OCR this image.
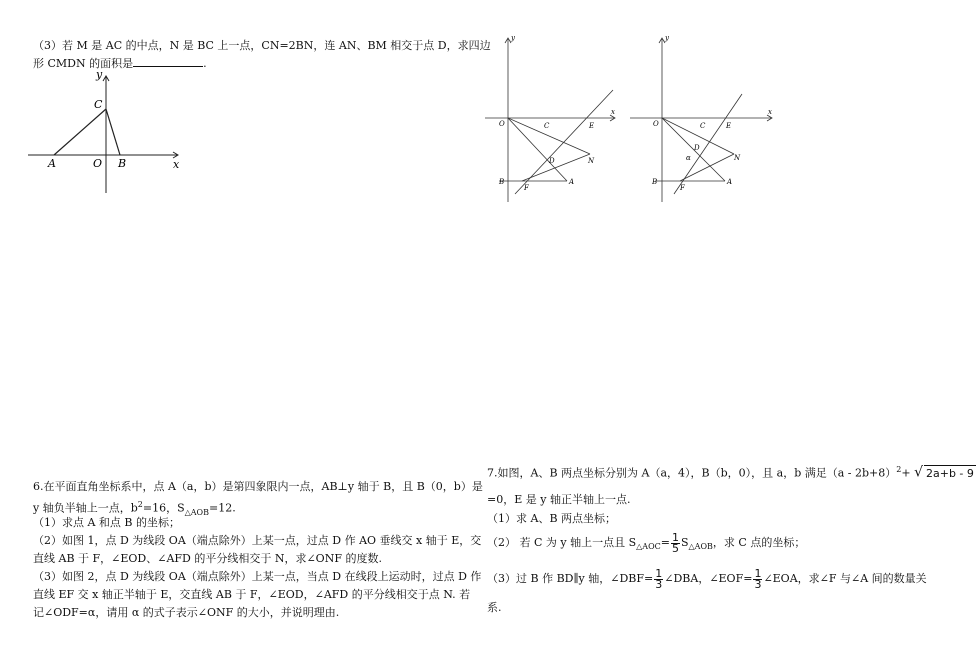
（3）若 M 是 AC 的中点，N 是 BC 上一点，CN=2BN，连 AN、BM 相交于点 D，求四边
形 CMDN 的面积是	.
y
x
C
A	O B
y
x
O	C	E
N
D
B
F
A
y
x
O	C	E
N
D
α
B
F
A
6.在平面直角坐标系中，点 A（a，b）是第四象限内一点，AB⊥y 轴于 B，且 B（0，b）是
y 轴负半轴上一点，$b^2=16$，$S_{\triangle AOB}=12$.
（1）求点 A 和点 B 的坐标；
（2）如图 1，点 D 为线段 OA（端点除外）上某一点，过点 D 作 AO 垂线交 x 轴于 E，交
直线 AB 于 F，∠EOD、∠AFD 的平分线相交于 N，求∠ONF 的度数.
（3）如图 2，点 D 为线段 OA（端点除外）上某一点，当点 D 在线段上运动时，过点 D 作
直线 EF 交 x 轴正半轴于 E，交直线 AB 于 F，∠EOD，∠AFD 的平分线相交于点 N. 若
记∠ODF=α，请用 α 的式子表示∠ONF 的大小，并说明理由.
7.如图，A、B 两点坐标分别为 A（a，4），B（b，0），且 a，b 满足$(a - 2b+8)^2+$ √ 2a+b - 9
=0，E 是 y 轴正半轴上一点.
（1）求 A、B 两点坐标；
（2） 若 C 为 y 轴上一点且 $S_{\triangle AOC}= \frac{1}{5} S_{\triangle AOB}$，求 C 点的坐标；
（3）过 B 作 BD∥y 轴，∠DBF= $\frac{1}{3}$ ∠DBA，∠EOF= $\frac{1}{3}$ ∠EOA，求∠F 与∠A 间的数量关
系.
